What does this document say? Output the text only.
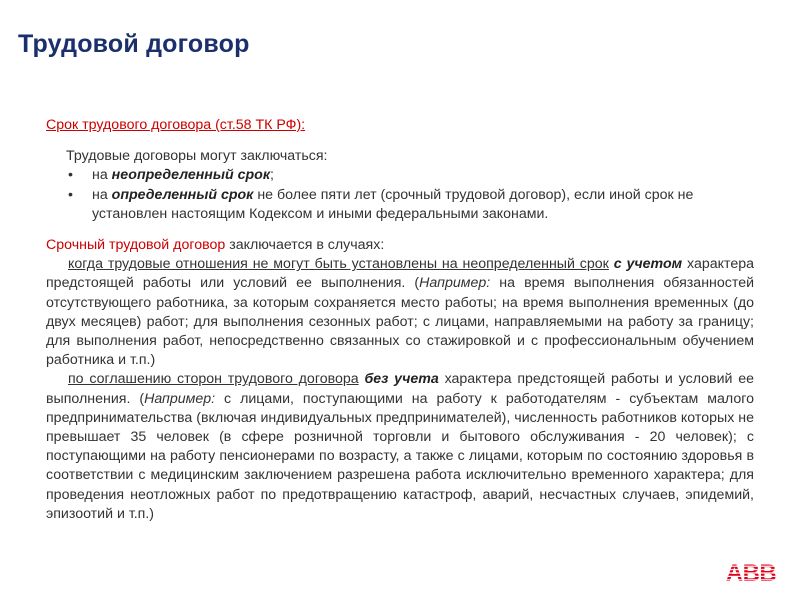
Трудовой договор

Срок трудового договора (ст.58 ТК РФ):

Трудовые договоры могут заключаться:

• на неопределенный срок;
• на определенный срок не более пяти лет (срочный трудовой договор), если иной срок не установлен настоящим Кодексом и иными федеральными законами.

Срочный трудовой договор заключается в случаях:

когда трудовые отношения не могут быть установлены на неопределенный срок с учетом характера предстоящей работы или условий ее выполнения. (Например: на время выполнения обязанностей отсутствующего работника, за которым сохраняется место работы; на время выполнения временных (до двух месяцев) работ; для выполнения сезонных работ; с лицами, направляемыми на работу за границу; для выполнения работ, непосредственно связанных со стажировкой и с профессиональным обучением работника и т.п.)

по соглашению сторон трудового договора без учета характера предстоящей работы и условий ее выполнения. (Например: с лицами, поступающими на работу к работодателям - субъектам малого предпринимательства (включая индивидуальных предпринимателей), численность работников которых не превышает 35 человек (в сфере розничной торговли и бытового обслуживания - 20 человек); с поступающими на работу пенсионерами по возрасту, а также с лицами, которым по состоянию здоровья в соответствии с медицинским заключением разрешена работа исключительно временного характера; для проведения неотложных работ по предотвращению катастроф, аварий, несчастных случаев, эпидемий, эпизоотий и т.п.)

ABB
